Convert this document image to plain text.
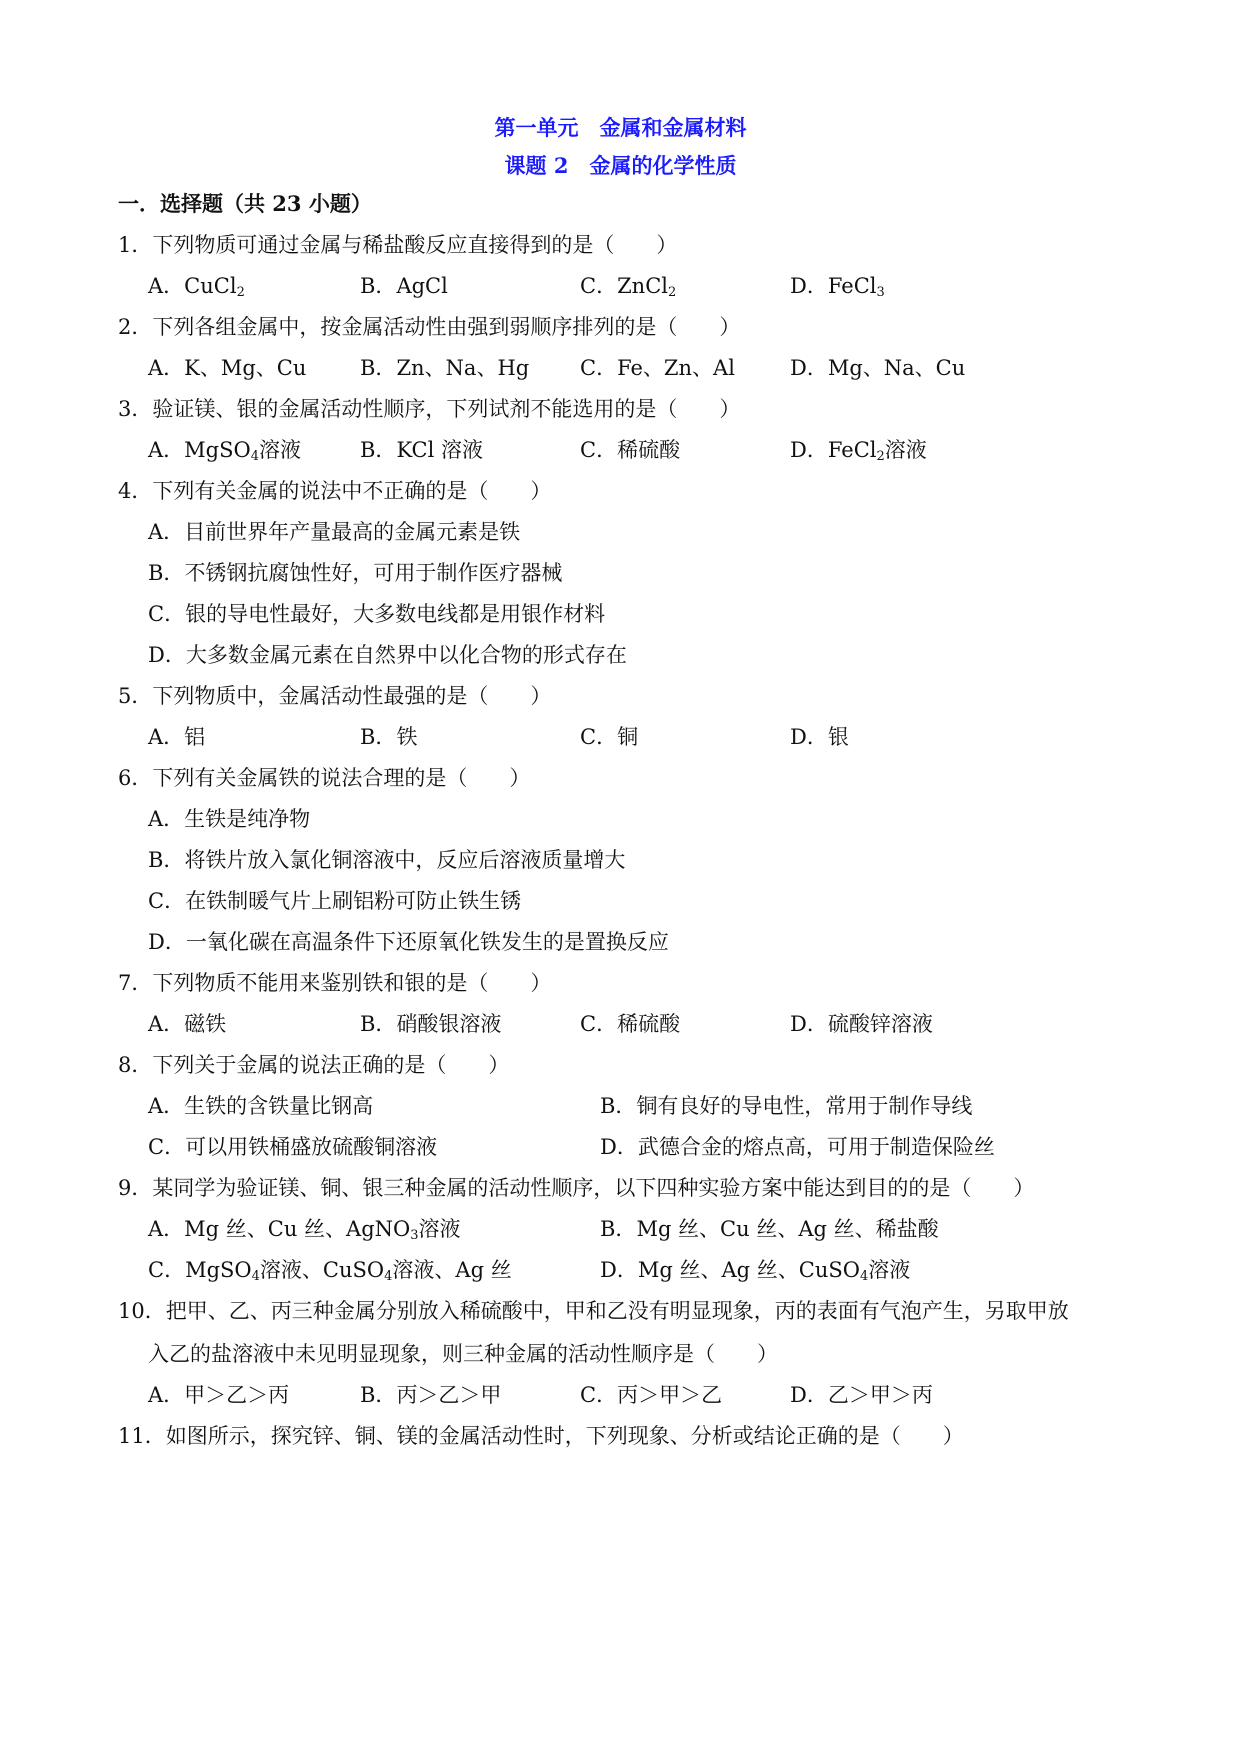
第一单元　金属和金属材料
课题 2　金属的化学性质
一．选择题（共 23 小题）
1．下列物质可通过金属与稀盐酸反应直接得到的是（　　）
A．CuCl$_2$	B．AgCl	C．ZnCl$_2$	D．FeCl$_3$
2．下列各组金属中，按金属活动性由强到弱顺序排列的是（　　）
A．K、Mg、Cu	B．Zn、Na、Hg C．Fe、Zn、Al	D．Mg、Na、Cu
3．验证镁、银的金属活动性顺序，下列试剂不能选用的是（　　）
A．MgSO$_4$溶液	B．KCl 溶液	C．稀硫酸	D．FeCl$_2$溶液
4．下列有关金属的说法中不正确的是（　　）
A．目前世界年产量最高的金属元素是铁
B．不锈钢抗腐蚀性好，可用于制作医疗器械
C．银的导电性最好，大多数电线都是用银作材料
D．大多数金属元素在自然界中以化合物的形式存在
5．下列物质中，金属活动性最强的是（　　）
A．铝	B．铁	C．铜	D．银
6．下列有关金属铁的说法合理的是（　　）
A．生铁是纯净物
B．将铁片放入氯化铜溶液中，反应后溶液质量增大
C．在铁制暖气片上刷铝粉可防止铁生锈
D．一氧化碳在高温条件下还原氧化铁发生的是置换反应
7．下列物质不能用来鉴别铁和银的是（　　）
A．磁铁	B．硝酸银溶液	C．稀硫酸	D．硫酸锌溶液
8．下列关于金属的说法正确的是（　　）
A．生铁的含铁量比钢高	B．铜有良好的导电性，常用于制作导线
C．可以用铁桶盛放硫酸铜溶液	D．武德合金的熔点高，可用于制造保险丝
9．某同学为验证镁、铜、银三种金属的活动性顺序，以下四种实验方案中能达到目的的是（　　）
A．Mg 丝、Cu 丝、AgNO$_3$溶液	B．Mg 丝、Cu 丝、Ag 丝、稀盐酸
C．MgSO$_4$溶液、CuSO$_4$溶液、Ag 丝	D．Mg 丝、Ag 丝、CuSO$_4$溶液
10．把甲、乙、丙三种金属分别放入稀硫酸中，甲和乙没有明显现象，丙的表面有气泡产生，另取甲放
入乙的盐溶液中未见明显现象，则三种金属的活动性顺序是（　　）
A．甲＞乙＞丙	B．丙＞乙＞甲	C．丙＞甲＞乙	D．乙＞甲＞丙
11．如图所示，探究锌、铜、镁的金属活动性时，下列现象、分析或结论正确的是（　　）
